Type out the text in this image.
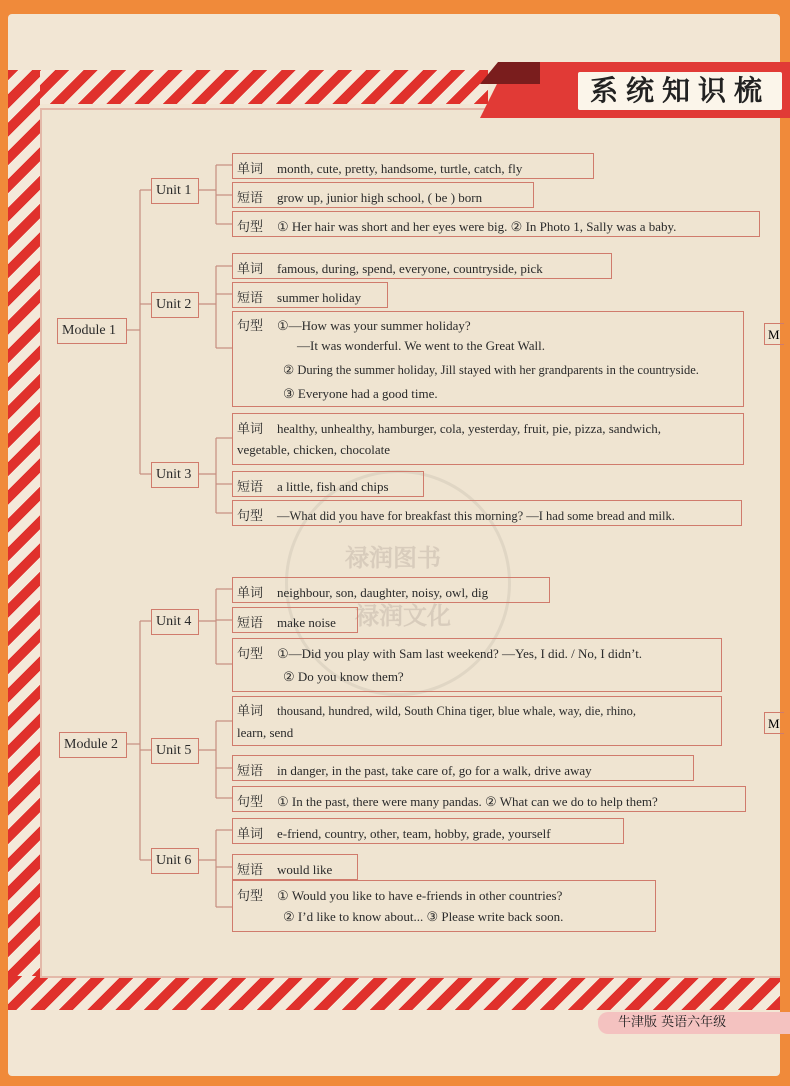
系统知识梳
禄润图书
禄润文化
Module 1
Module 2
Unit 1
Unit 2
Unit 3
Unit 4
Unit 5
Unit 6
单词 month, cute, pretty, handsome, turtle, catch, fly
短语 grow up, junior high school, ( be ) born
句型 ① Her hair was short and her eyes were big. ② In Photo 1, Sally was a baby.
单词 famous, during, spend, everyone, countryside, pick
短语 summer holiday
句型 ①—How was your summer holiday?
—It was wonderful. We went to the Great Wall.
② During the summer holiday, Jill stayed with her grandparents in the countryside.
③ Everyone had a good time.
单词 healthy, unhealthy, hamburger, cola, yesterday, fruit, pie, pizza, sandwich,
vegetable, chicken, chocolate
短语 a little, fish and chips
句型 —What did you have for breakfast this morning? —I had some bread and milk.
单词 neighbour, son, daughter, noisy, owl, dig
短语 make noise
句型 ①—Did you play with Sam last weekend? —Yes, I did. / No, I didn’t.
② Do you know them?
单词 thousand, hundred, wild, South China tiger, blue whale, way, die, rhino,
learn, send
短语 in danger, in the past, take care of, go for a walk, drive away
句型 ① In the past, there were many pandas. ② What can we do to help them?
单词 e-friend, country, other, team, hobby, grade, yourself
短语 would like
句型 ① Would you like to have e-friends in other countries?
② I’d like to know about... ③ Please write back soon.
M
M
牛津版 英语六年级
